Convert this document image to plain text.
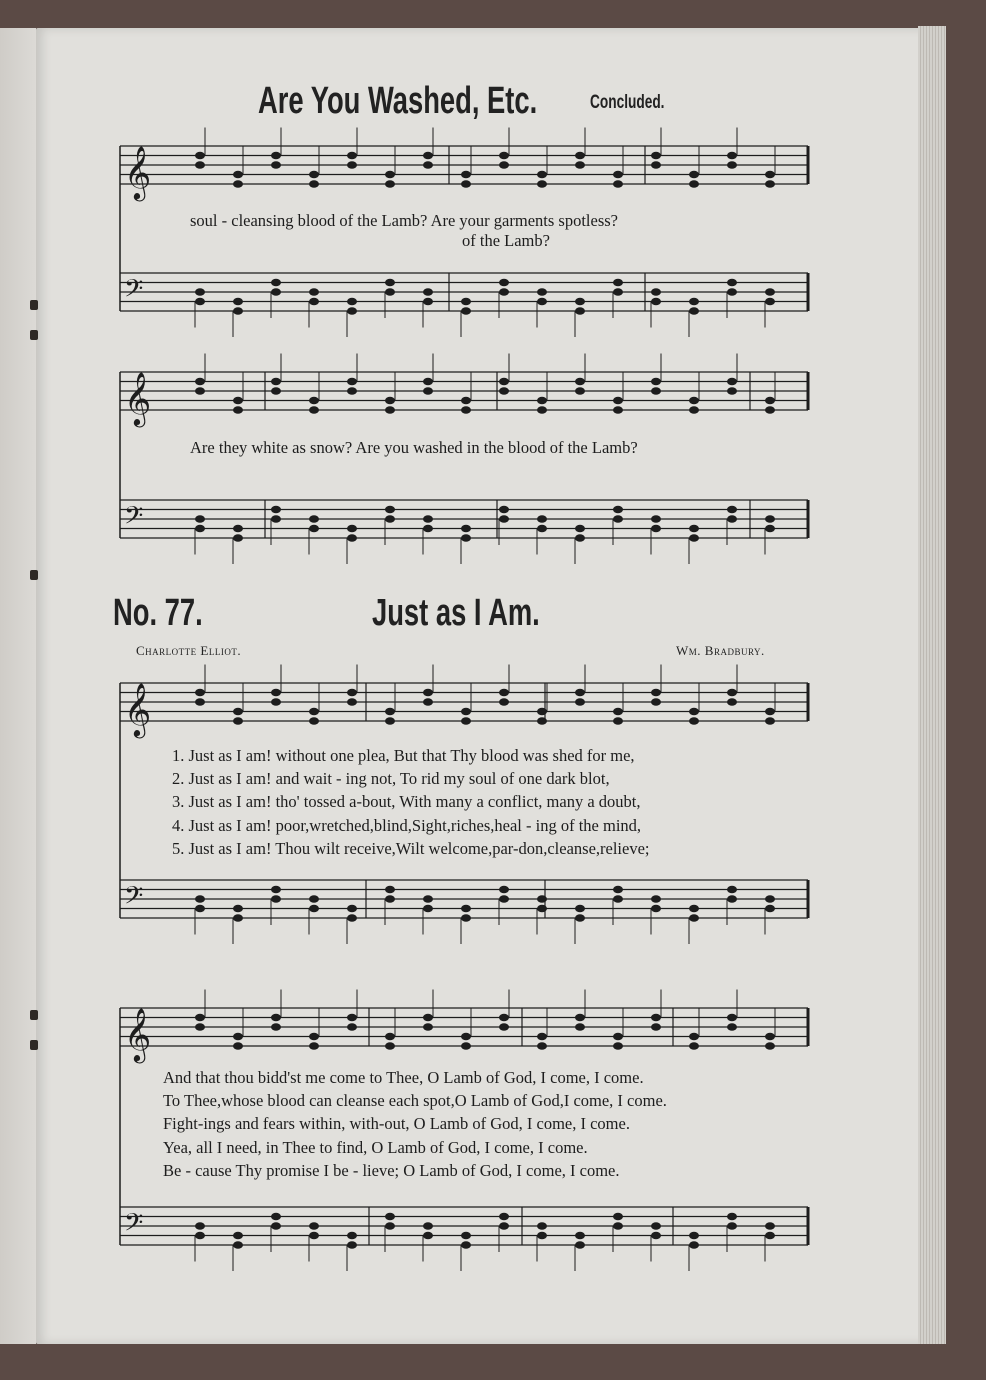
𝄞
𝄢
𝄞
𝄢
𝄞
𝄢
𝄞
𝄢
Are You Washed, Etc.	Concluded.
soul - cleansing blood of the Lamb? Are your garments spotless?
of the Lamb?
Are they white as snow? Are you washed in the blood of the Lamb?
No. 77.	Just as I Am.
Charlotte Elliot.	Wm. Bradbury.
1. Just as I am! without one plea, But that Thy blood was shed for me,
2. Just as I am! and wait - ing not, To rid my soul of one dark blot,
3. Just as I am! tho' tossed a-bout, With many a conflict, many a doubt,
4. Just as I am! poor,wretched,blind,Sight,riches,heal - ing of the mind,
5. Just as I am! Thou wilt receive,Wilt welcome,par-don,cleanse,relieve;
And that thou bidd'st me come to Thee, O Lamb of God, I come, I come.
To Thee,whose blood can cleanse each spot,O Lamb of God,I come, I come.
Fight-ings and fears within, with-out, O Lamb of God, I come, I come.
Yea, all I need, in Thee to find, O Lamb of God, I come, I come.
Be - cause Thy promise I be - lieve; O Lamb of God, I come, I come.
